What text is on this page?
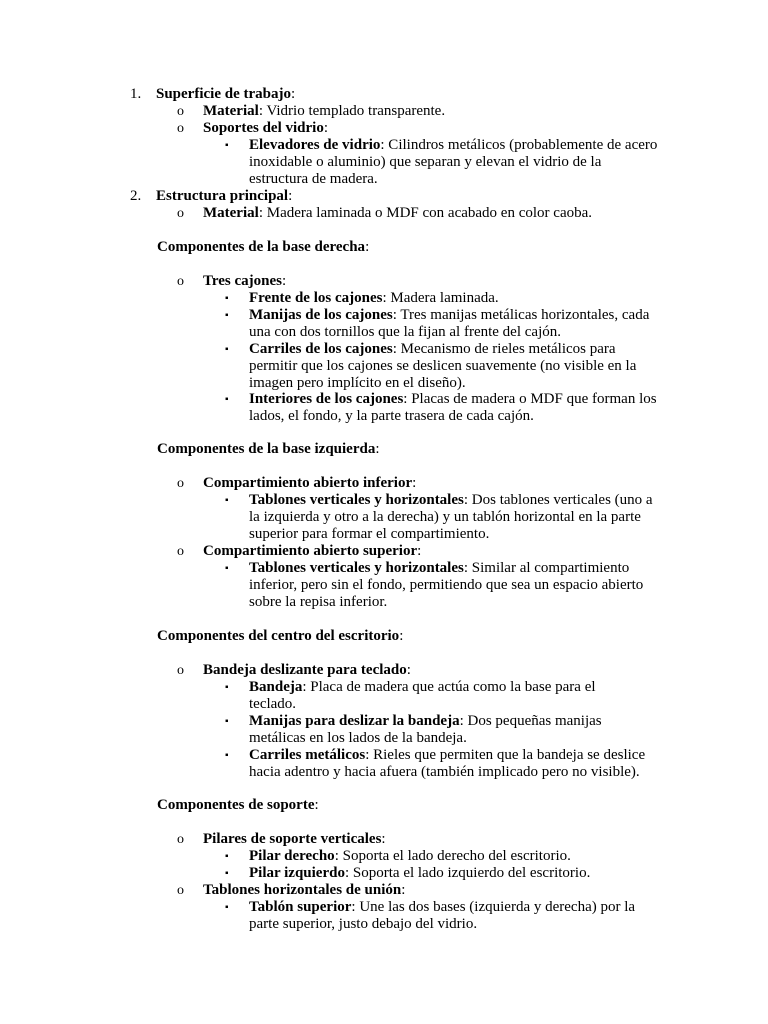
1. Superficie de trabajo:
o Material: Vidrio templado transparente.
o Soportes del vidrio:
▪ Elevadores de vidrio: Cilindros metálicos (probablemente de acero inoxidable o aluminio) que separan y elevan el vidrio de la estructura de madera.
2. Estructura principal:
o Material: Madera laminada o MDF con acabado en color caoba.
Componentes de la base derecha:
o Tres cajones:
▪ Frente de los cajones: Madera laminada.
▪ Manijas de los cajones: Tres manijas metálicas horizontales, cada una con dos tornillos que la fijan al frente del cajón.
▪ Carriles de los cajones: Mecanismo de rieles metálicos para permitir que los cajones se deslicen suavemente (no visible en la imagen pero implícito en el diseño).
▪ Interiores de los cajones: Placas de madera o MDF que forman los lados, el fondo, y la parte trasera de cada cajón.
Componentes de la base izquierda:
o Compartimiento abierto inferior:
▪ Tablones verticales y horizontales: Dos tablones verticales (uno a la izquierda y otro a la derecha) y un tablón horizontal en la parte superior para formar el compartimiento.
o Compartimiento abierto superior:
▪ Tablones verticales y horizontales: Similar al compartimiento inferior, pero sin el fondo, permitiendo que sea un espacio abierto sobre la repisa inferior.
Componentes del centro del escritorio:
o Bandeja deslizante para teclado:
▪ Bandeja: Placa de madera que actúa como la base para el teclado.
▪ Manijas para deslizar la bandeja: Dos pequeñas manijas metálicas en los lados de la bandeja.
▪ Carriles metálicos: Rieles que permiten que la bandeja se deslice hacia adentro y hacia afuera (también implicado pero no visible).
Componentes de soporte:
o Pilares de soporte verticales:
▪ Pilar derecho: Soporta el lado derecho del escritorio.
▪ Pilar izquierdo: Soporta el lado izquierdo del escritorio.
o Tablones horizontales de unión:
▪ Tablón superior: Une las dos bases (izquierda y derecha) por la parte superior, justo debajo del vidrio.
